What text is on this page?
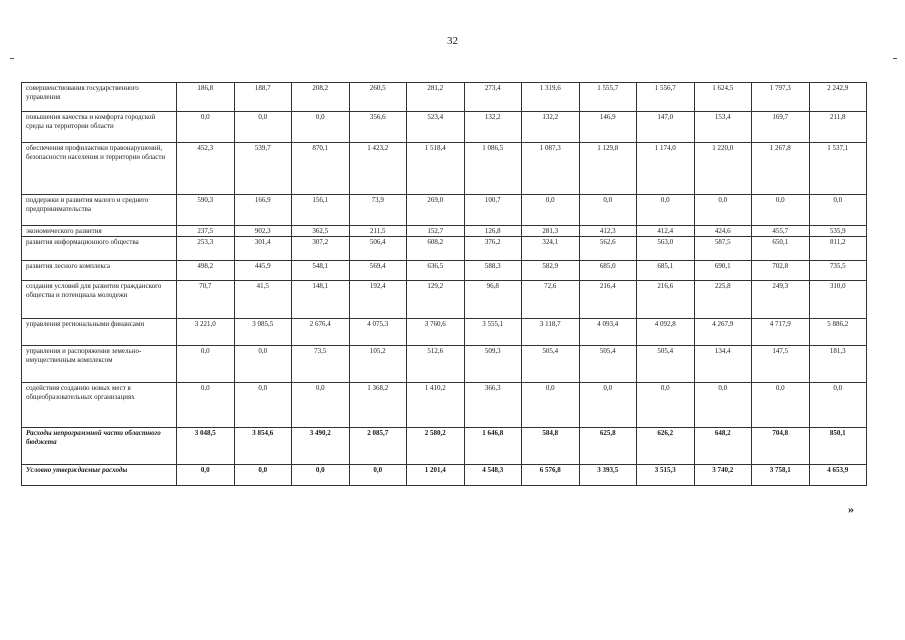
32
совершенствования государственного управления	186,8	188,7	208,2	260,5	281,2	273,4	1 319,6	1 555,7	1 556,7	1 624,5	1 797,3	2 242,9
повышения качества и комфорта городской среды на территории области	0,0	0,0	0,0	356,6	523,4	132,2	132,2	146,9	147,0	153,4	169,7	211,8
обеспечения профилактики правонарушений, безопасности населения и территории области	452,3	539,7	870,1	1 423,2	1 518,4	1 086,5	1 087,3	1 129,8	1 174,0	1 220,0	1 267,8	1 537,1
поддержки и развития малого и среднего предпринимательства	590,3	166,9	156,1	73,9	269,0	100,7	0,0	0,0	0,0	0,0	0,0	0,0
экономического развития	237,5	902,3	362,5	211,5	152,7	126,8	281,3	412,3	412,4	424,6	455,7	535,9
развития информационного общества	253,3	301,4	307,2	506,4	608,2	376,2	324,1	562,6	563,0	587,5	650,1	811,2
развития лесного комплекса	498,2	445,9	548,1	569,4	636,5	588,3	582,9	685,0	685,1	690,1	702,8	735,5
создания условий для развития гражданского общества и потенциала молодежи	70,7	41,5	148,1	192,4	129,2	96,8	72,6	216,4	216,6	225,8	249,3	310,0
управления региональными финансами	3 221,0	3 085,5	2 676,4	4 075,3	3 760,6	3 555,1	3 118,7	4 093,4	4 092,8	4 267,9	4 717,9	5 886,2
управления и распоряжения земельно-имущественным комплексом	0,0	0,0	73,5	105,2	512,6	509,3	505,4	505,4	505,4	134,4	147,5	181,3
содействия созданию новых мест в общеобразовательных организациях	0,0	0,0	0,0	1 368,2	1 410,2	366,3	0,0	0,0	0,0	0,0	0,0	0,0
Расходы непрограммной части областного бюджета	3 048,5	3 854,6	3 490,2	2 085,7	2 580,2	1 646,8	584,8	625,8	626,2	648,2	704,8	850,1
Условно утверждаемые расходы	0,0	0,0	0,0	0,0	1 201,4	4 548,3	6 576,8	3 393,5	3 515,3	3 740,2	3 758,1	4 653,9
»
